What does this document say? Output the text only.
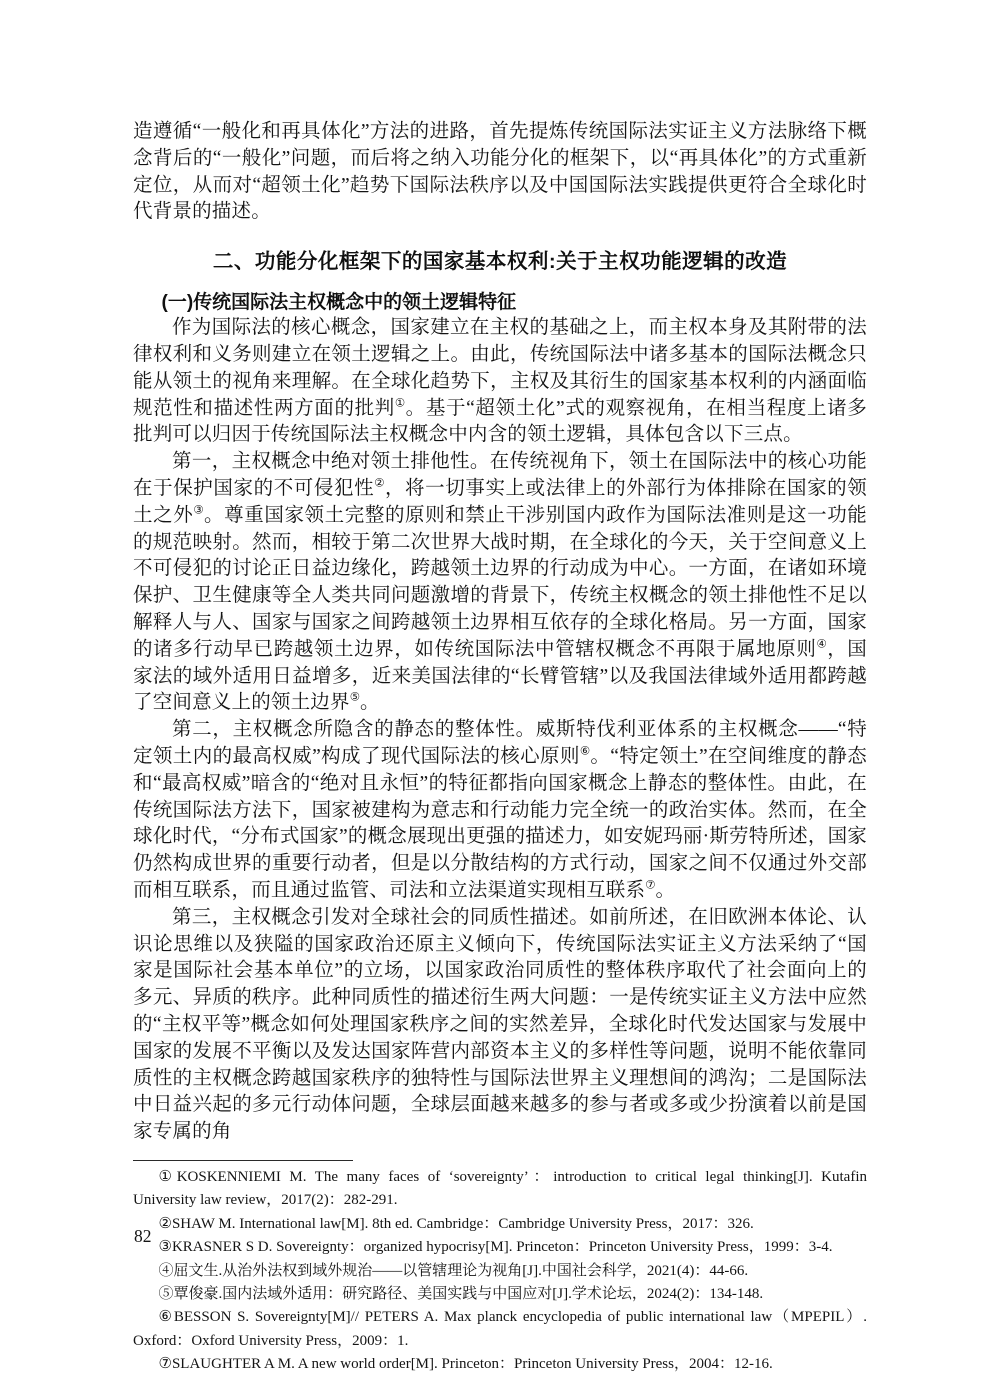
造遵循“一般化和再具体化”方法的进路，首先提炼传统国际法实证主义方法脉络下概念背后的“一般化”问题，而后将之纳入功能分化的框架下，以“再具体化”的方式重新定位，从而对“超领土化”趋势下国际法秩序以及中国国际法实践提供更符合全球化时代背景的描述。

二、功能分化框架下的国家基本权利:关于主权功能逻辑的改造
(一)传统国际法主权概念中的领土逻辑特征

作为国际法的核心概念，国家建立在主权的基础之上，而主权本身及其附带的法律权利和义务则建立在领土逻辑之上。由此，传统国际法中诸多基本的国际法概念只能从领土的视角来理解。在全球化趋势下，主权及其衍生的国家基本权利的内涵面临规范性和描述性两方面的批判①。基于“超领土化”式的观察视角，在相当程度上诸多批判可以归因于传统国际法主权概念中内含的领土逻辑，具体包含以下三点。

第一，主权概念中绝对领土排他性。在传统视角下，领土在国际法中的核心功能在于保护国家的不可侵犯性②，将一切事实上或法律上的外部行为体排除在国家的领土之外③。尊重国家领土完整的原则和禁止干涉别国内政作为国际法准则是这一功能的规范映射。然而，相较于第二次世界大战时期，在全球化的今天，关于空间意义上不可侵犯的讨论正日益边缘化，跨越领土边界的行动成为中心。一方面，在诸如环境保护、卫生健康等全人类共同问题激增的背景下，传统主权概念的领土排他性不足以解释人与人、国家与国家之间跨越领土边界相互依存的全球化格局。另一方面，国家的诸多行动早已跨越领土边界，如传统国际法中管辖权概念不再限于属地原则④，国家法的域外适用日益增多，近来美国法律的“长臂管辖”以及我国法律域外适用都跨越了空间意义上的领土边界⑤。

第二，主权概念所隐含的静态的整体性。威斯特伐利亚体系的主权概念——“特定领土内的最高权威”构成了现代国际法的核心原则⑥。“特定领土”在空间维度的静态和“最高权威”暗含的“绝对且永恒”的特征都指向国家概念上静态的整体性。由此，在传统国际法方法下，国家被建构为意志和行动能力完全统一的政治实体。然而，在全球化时代，“分布式国家”的概念展现出更强的描述力，如安妮玛丽·斯劳特所述，国家仍然构成世界的重要行动者，但是以分散结构的方式行动，国家之间不仅通过外交部而相互联系，而且通过监管、司法和立法渠道实现相互联系⑦。

第三，主权概念引发对全球社会的同质性描述。如前所述，在旧欧洲本体论、认识论思维以及狭隘的国家政治还原主义倾向下，传统国际法实证主义方法采纳了“国家是国际社会基本单位”的立场，以国家政治同质性的整体秩序取代了社会面向上的多元、异质的秩序。此种同质性的描述衍生两大问题：一是传统实证主义方法中应然的“主权平等”概念如何处理国家秩序之间的实然差异，全球化时代发达国家与发展中国家的发展不平衡以及发达国家阵营内部资本主义的多样性等问题，说明不能依靠同质性的主权概念跨越国家秩序的独特性与国际法世界主义理想间的鸿沟；二是国际法中日益兴起的多元行动体问题，全球层面越来越多的参与者或多或少扮演着以前是国家专属的角

①KOSKENNIEMI M. The many faces of ‘sovereignty’：introduction to critical legal thinking[J]. Kutafin University law review，2017(2)：282-291.

②SHAW M. International law[M]. 8th ed. Cambridge：Cambridge University Press，2017：326.

③KRASNER S D. Sovereignty：organized hypocrisy[M]. Princeton：Princeton University Press，1999：3-4.

④屈文生.从治外法权到域外规治——以管辖理论为视角[J].中国社会科学，2021(4)：44-66.

⑤覃俊豪.国内法域外适用：研究路径、美国实践与中国应对[J].学术论坛，2024(2)：134-148.

⑥BESSON S. Sovereignty[M]// PETERS A. Max planck encyclopedia of public international law（MPEPIL）. Oxford：Oxford University Press，2009：1.

⑦SLAUGHTER A M. A new world order[M]. Princeton：Princeton University Press，2004：12-16.

82
